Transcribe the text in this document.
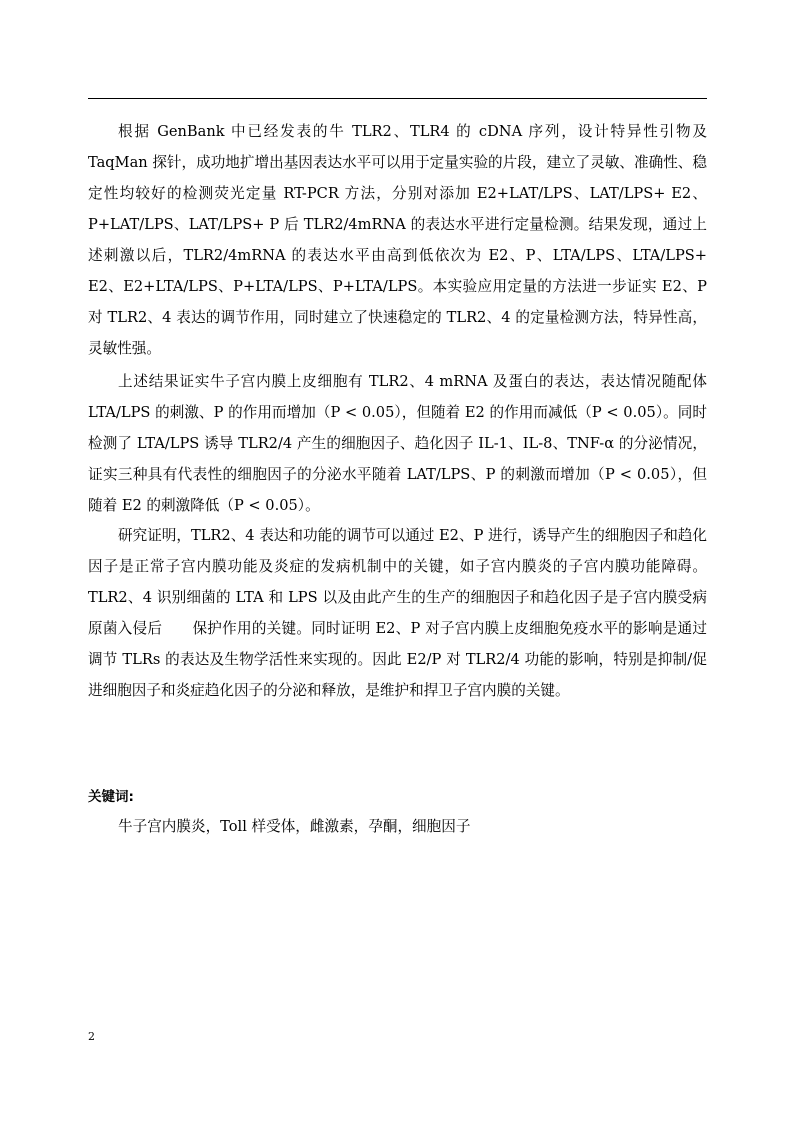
根据 GenBank 中已经发表的牛 TLR2、TLR4 的 cDNA 序列，设计特异性引物及 TaqMan 探针，成功地扩增出基因表达水平可以用于定量实验的片段，建立了灵敏、准确性、稳定性均较好的检测荧光定量 RT-PCR 方法，分别对添加 E2+LAT/LPS、LAT/LPS+ E2、P+LAT/LPS、LAT/LPS+ P 后 TLR2/4mRNA 的表达水平进行定量检测。结果发现，通过上述刺激以后，TLR2/4mRNA 的表达水平由高到低依次为 E2、P、LTA/LPS、LTA/LPS+ E2、E2+LTA/LPS、P+LTA/LPS、P+LTA/LPS。本实验应用定量的方法进一步证实 E2、P 对 TLR2、4 表达的调节作用，同时建立了快速稳定的 TLR2、4 的定量检测方法，特异性高，灵敏性强。

上述结果证实牛子宫内膜上皮细胞有 TLR2、4 mRNA 及蛋白的表达，表达情况随配体 LTA/LPS 的刺激、P 的作用而增加（P < 0.05），但随着 E2 的作用而减低（P < 0.05）。同时检测了 LTA/LPS 诱导 TLR2/4 产生的细胞因子、趋化因子 IL-1、IL-8、TNF-α 的分泌情况，证实三种具有代表性的细胞因子的分泌水平随着 LAT/LPS、P 的刺激而增加（P < 0.05），但随着 E2 的刺激降低（P < 0.05）。

研究证明，TLR2、4 表达和功能的调节可以通过 E2、P 进行，诱导产生的细胞因子和趋化因子是正常子宫内膜功能及炎症的发病机制中的关键，如子宫内膜炎的子宫内膜功能障碍。TLR2、4 识别细菌的 LTA 和 LPS 以及由此产生的生产的细胞因子和趋化因子是子宫内膜受病原菌入侵后 保护作用的关键。同时证明 E2、P 对子宫内膜上皮细胞免疫水平的影响是通过调节 TLRs 的表达及生物学活性来实现的。因此 E2/P 对 TLR2/4 功能的影响，特别是抑制/促进细胞因子和炎症趋化因子的分泌和释放，是维护和捍卫子宫内膜的关键。

关键词:
牛子宫内膜炎，Toll 样受体，雌激素，孕酮，细胞因子
2
